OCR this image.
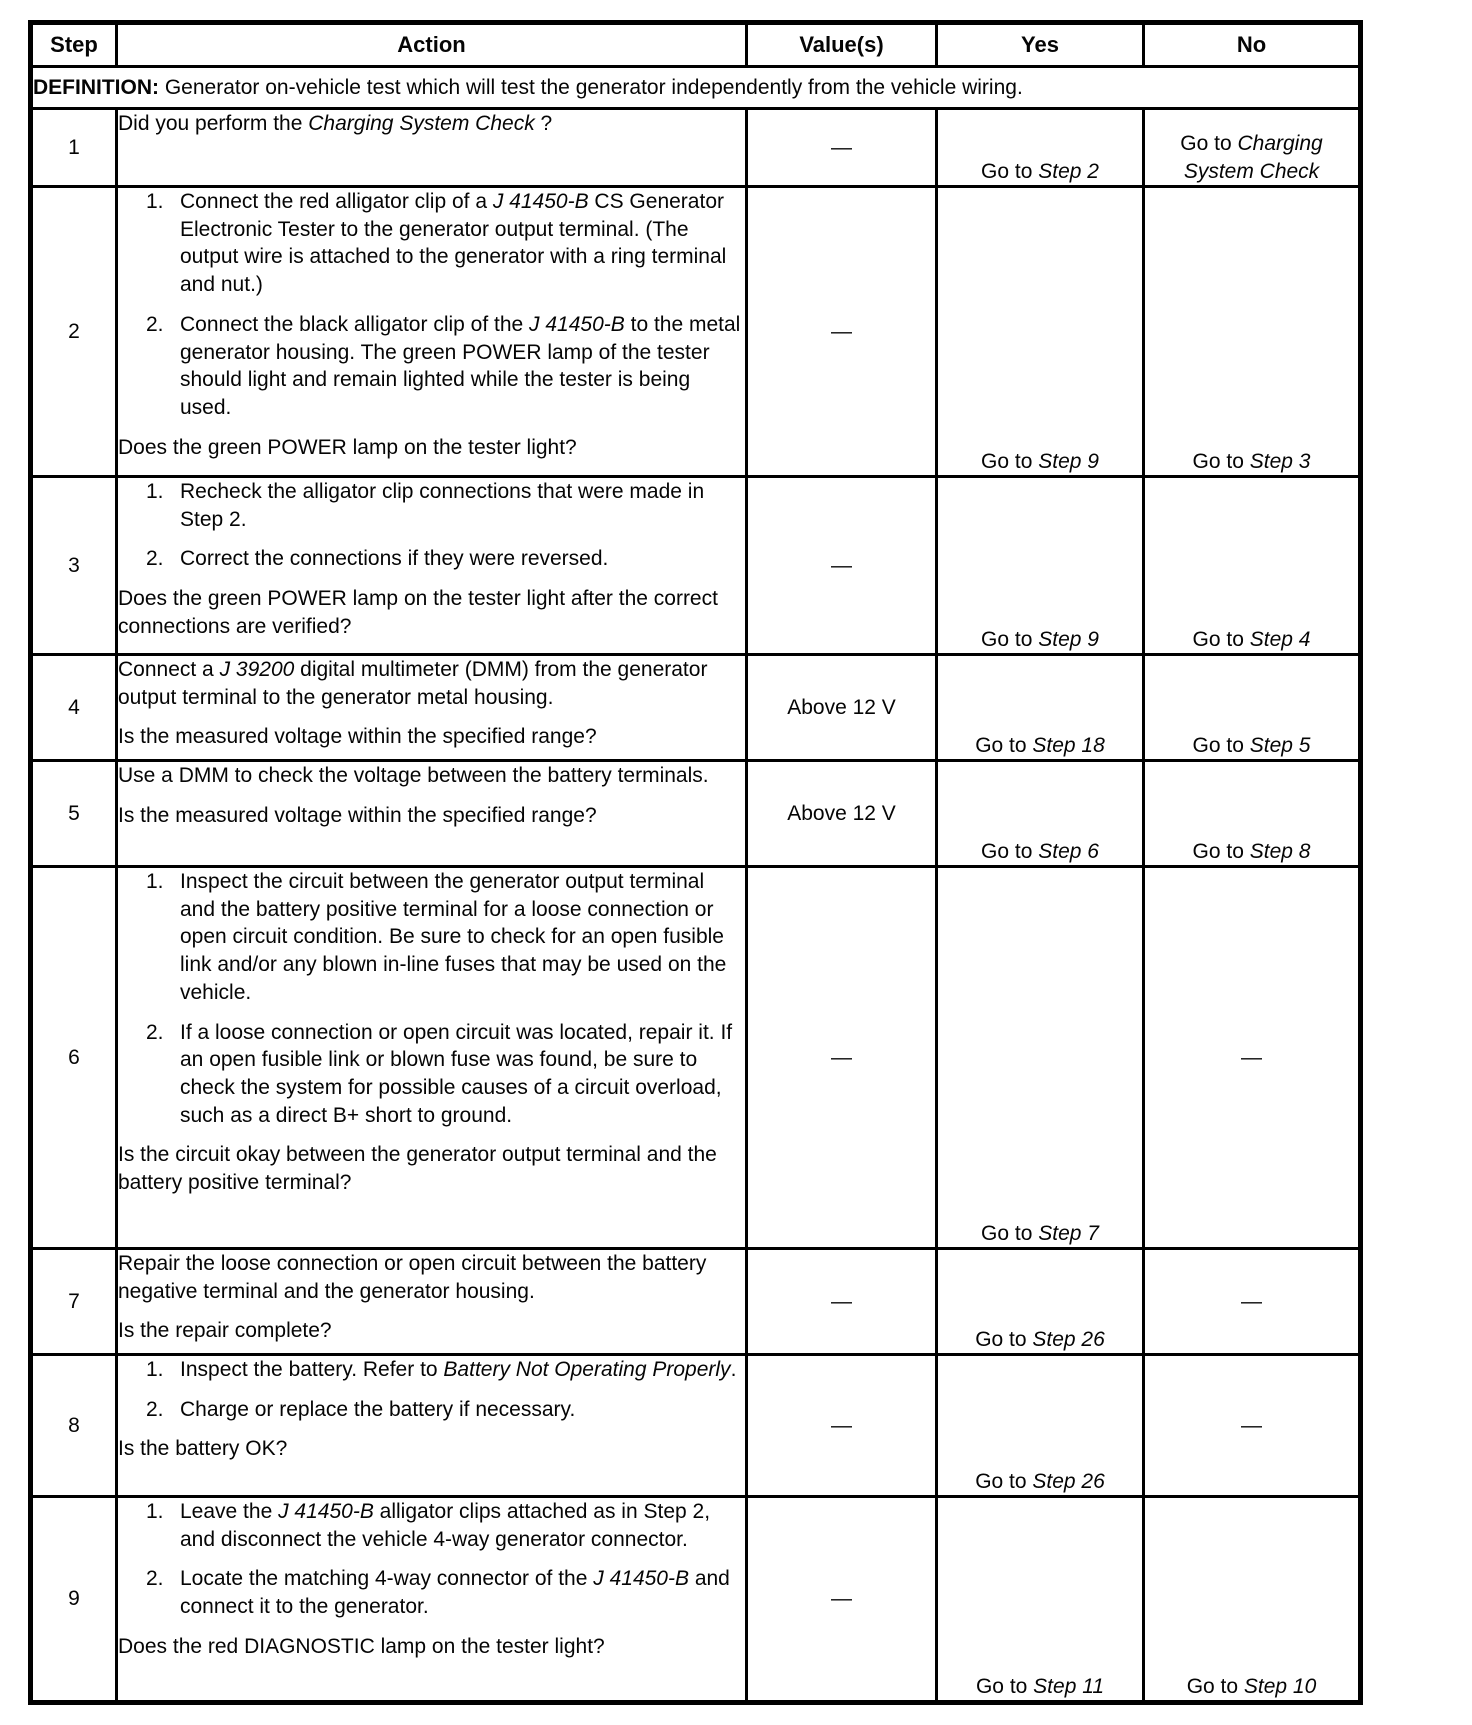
Step	Action	Value(s)	Yes	No
DEFINITION: Generator on-vehicle test which will test the generator independently from the vehicle wiring.				
1	Did you perform the Charging System Check ?	—	Go to Step 2	Go to Charging System Check

2	1. Connect the red alligator clip of a J 41450-B CS Generator Electronic Tester to the generator output terminal. (The output wire is attached to the generator with a ring terminal and nut.)
2. Connect the black alligator clip of the J 41450-B to the metal generator housing. The green POWER lamp of the tester should light and remain lighted while the tester is being used.
Does the green POWER lamp on the tester light?	—	Go to Step 9	Go to Step 3

3	1. Recheck the alligator clip connections that were made in Step 2.
2. Correct the connections if they were reversed.
Does the green POWER lamp on the tester light after the correct connections are verified?	—	Go to Step 9	Go to Step 4

4	Connect a J 39200 digital multimeter (DMM) from the generator output terminal to the generator metal housing.
Is the measured voltage within the specified range?	Above 12 V	Go to Step 18	Go to Step 5

5	Use a DMM to check the voltage between the battery terminals.
Is the measured voltage within the specified range?	Above 12 V	Go to Step 6	Go to Step 8

6	1. Inspect the circuit between the generator output terminal and the battery positive terminal for a loose connection or open circuit condition. Be sure to check for an open fusible link and/or any blown in-line fuses that may be used on the vehicle.
2. If a loose connection or open circuit was located, repair it. If an open fusible link or blown fuse was found, be sure to check the system for possible causes of a circuit overload, such as a direct B+ short to ground.
Is the circuit okay between the generator output terminal and the battery positive terminal?	—	Go to Step 7	—

7	Repair the loose connection or open circuit between the battery negative terminal and the generator housing.
Is the repair complete?	—	Go to Step 26	—

8	1. Inspect the battery. Refer to Battery Not Operating Properly.
2. Charge or replace the battery if necessary.
Is the battery OK?	—	Go to Step 26	—

9	1. Leave the J 41450-B alligator clips attached as in Step 2, and disconnect the vehicle 4-way generator connector.
2. Locate the matching 4-way connector of the J 41450-B and connect it to the generator.
Does the red DIAGNOSTIC lamp on the tester light?	—	Go to Step 11	Go to Step 10
